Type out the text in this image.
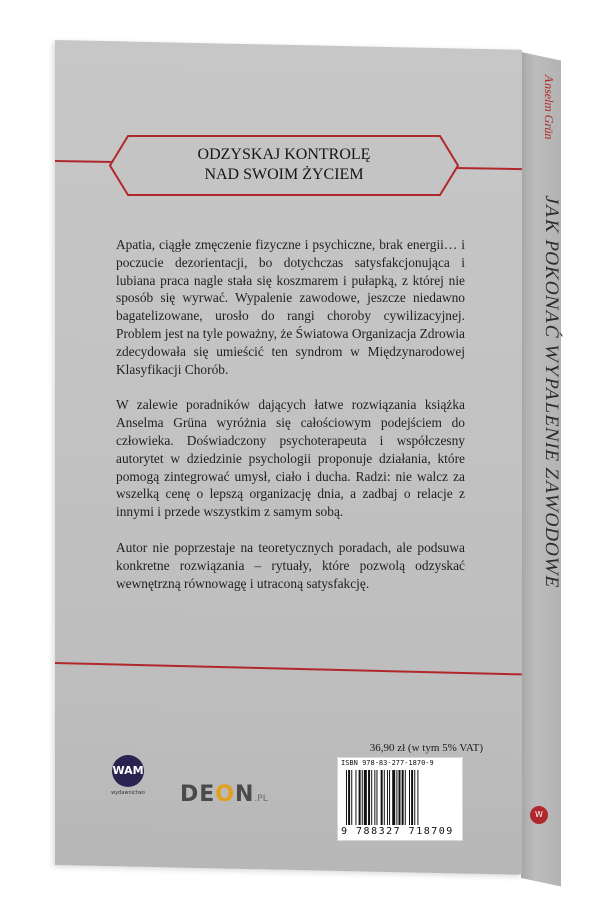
Anselm Grün
JAK POKONAĆ WYPALENIE ZAWODOWE
W
ODZYSKAJ KONTROLĘ
NAD SWOIM ŻYCIEM

Apatia, ciągłe zmęczenie fizyczne i psychiczne, brak energii… i poczucie dezorientacji, bo dotychczas satysfakcjonująca i lubiana praca nagle stała się koszmarem i pułapką, z której nie sposób się wyrwać. Wypalenie zawodowe, jeszcze niedawno bagatelizowane, urosło do rangi choroby cywilizacyjnej. Problem jest na tyle poważny, że Światowa Organizacja Zdrowia zdecydowała się umieścić ten syndrom w Międzynarodowej Klasyfikacji Chorób.

W zalewie poradników dających łatwe rozwiązania książka Anselma Grüna wyróżnia się całościowym podejściem do człowieka. Doświadczony psychoterapeuta i współczesny autorytet w dziedzinie psychologii proponuje działania, które pomogą zintegrować umysł, ciało i ducha. Radzi: nie walcz za wszelką cenę o lepszą organizację dnia, a zadbaj o relacje z innymi i przede wszystkim z samym sobą.

Autor nie poprzestaje na teoretycznych poradach, ale podsuwa konkretne rozwiązania – rytuały, które pozwolą odzyskać wewnętrzną równowagę i utraconą satysfakcję.

WAM
wydawnictwo DEON.PL
36,90 zł (w tym 5% VAT)
ISBN 978-83-277-1870-9
9 788327 718709
